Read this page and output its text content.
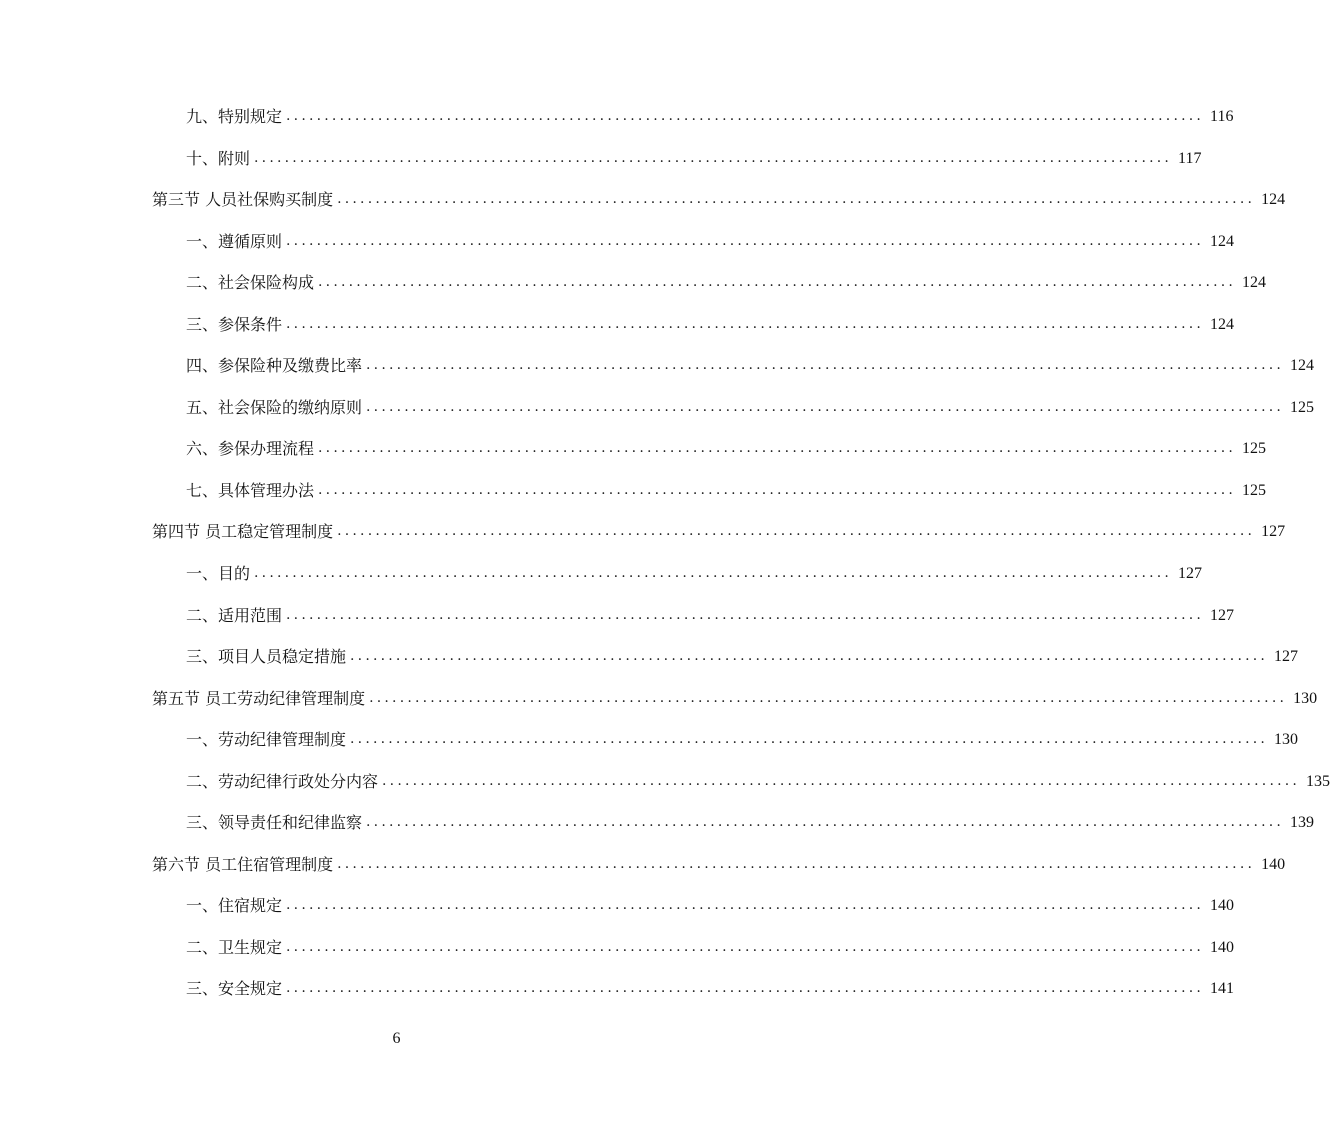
九、特别规定 ........................................................................................................................ 116
十、附则 ........................................................................................................................ 117
第三节 人员社保购买制度 ........................................................................................................................ 124
一、遵循原则 ........................................................................................................................ 124
二、社会保险构成 ........................................................................................................................ 124
三、参保条件 ........................................................................................................................ 124
四、参保险种及缴费比率 ........................................................................................................................ 124
五、社会保险的缴纳原则 ........................................................................................................................ 125
六、参保办理流程 ........................................................................................................................ 125
七、具体管理办法 ........................................................................................................................ 125
第四节 员工稳定管理制度 ........................................................................................................................ 127
一、目的 ........................................................................................................................ 127
二、适用范围 ........................................................................................................................ 127
三、项目人员稳定措施 ........................................................................................................................ 127
第五节 员工劳动纪律管理制度 ........................................................................................................................ 130
一、劳动纪律管理制度 ........................................................................................................................ 130
二、劳动纪律行政处分内容 ........................................................................................................................ 135
三、领导责任和纪律监察 ........................................................................................................................ 139
第六节 员工住宿管理制度 ........................................................................................................................ 140
一、住宿规定 ........................................................................................................................ 140
二、卫生规定 ........................................................................................................................ 140
三、安全规定 ........................................................................................................................ 141
6
